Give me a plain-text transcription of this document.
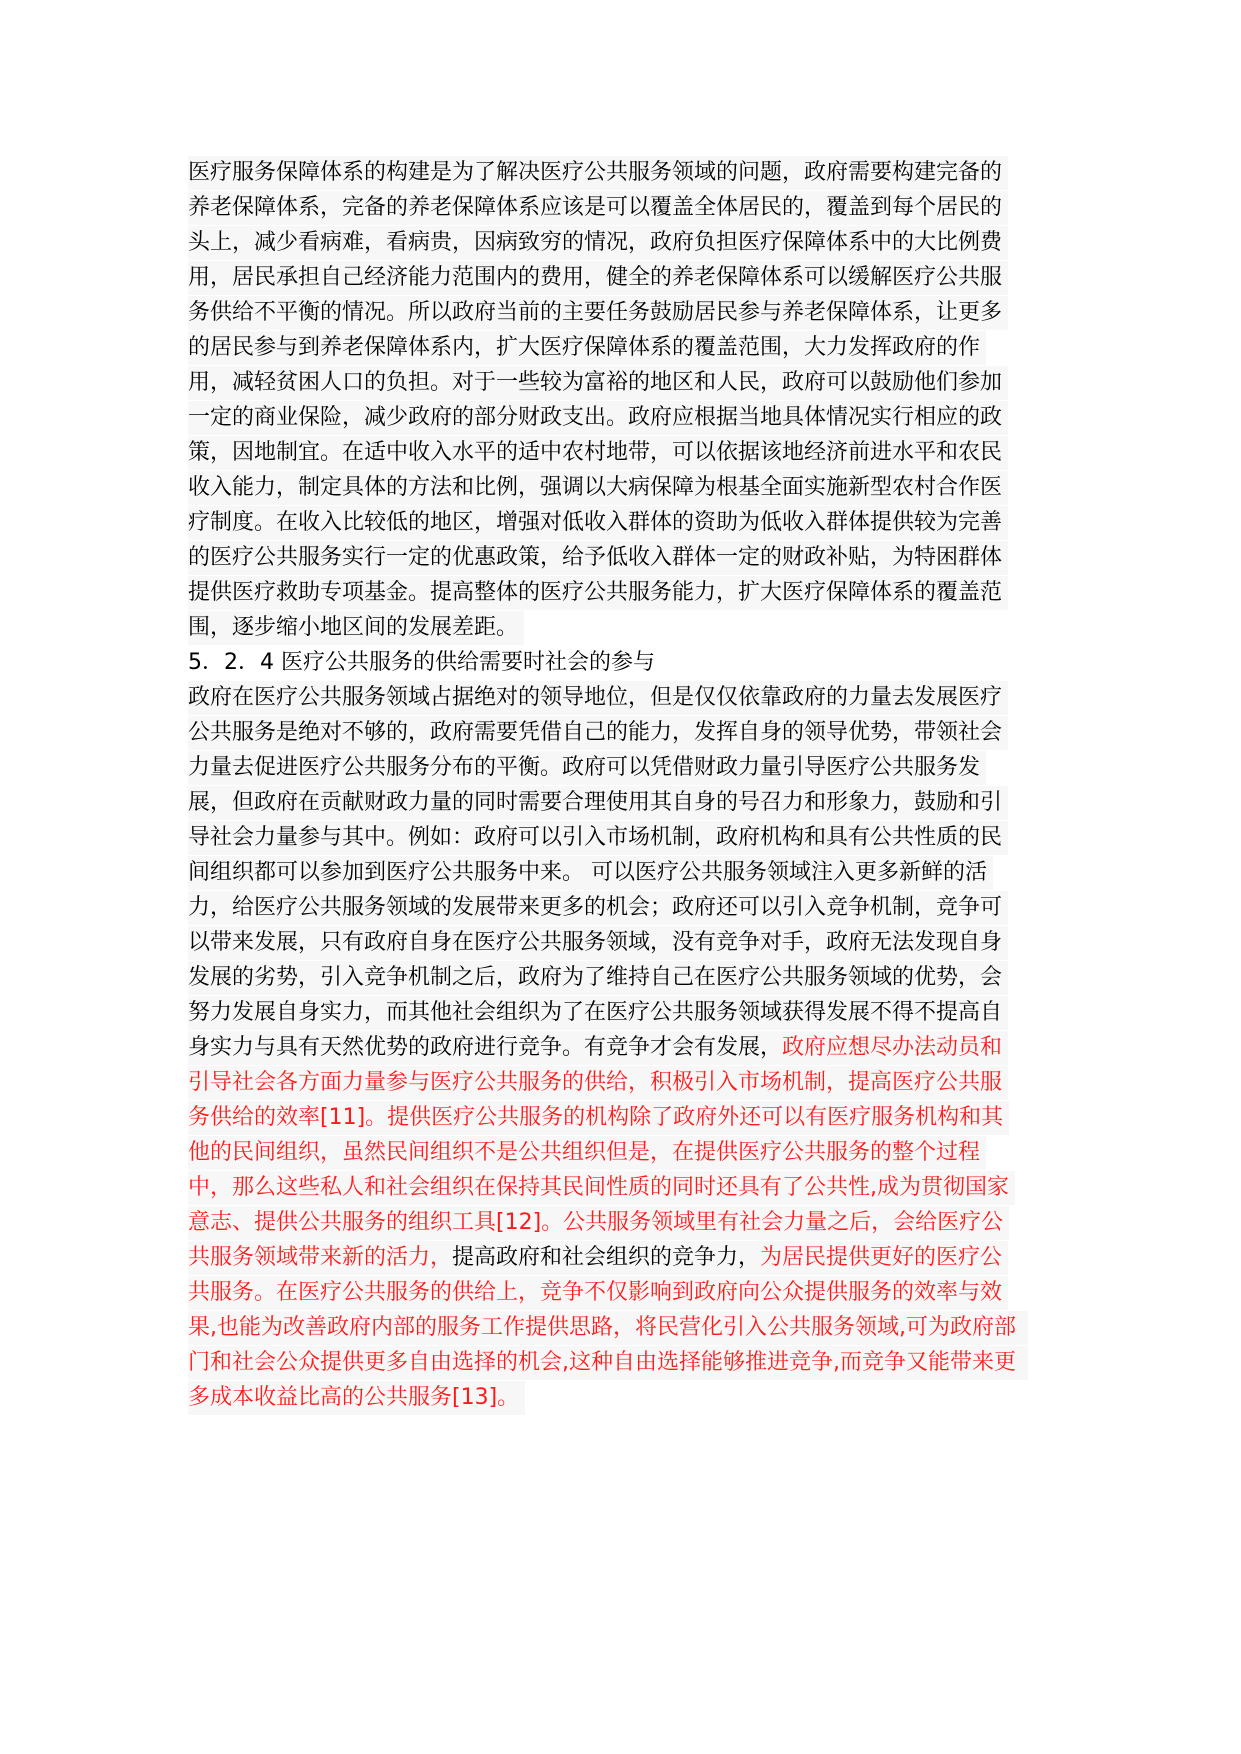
医疗服务保障体系的构建是为了解决医疗公共服务领域的问题，政府需要构建完备的
养老保障体系，完备的养老保障体系应该是可以覆盖全体居民的，覆盖到每个居民的
头上，减少看病难，看病贵，因病致穷的情况，政府负担医疗保障体系中的大比例费
用，居民承担自己经济能力范围内的费用，健全的养老保障体系可以缓解医疗公共服
务供给不平衡的情况。所以政府当前的主要任务鼓励居民参与养老保障体系，让更多
的居民参与到养老保障体系内，扩大医疗保障体系的覆盖范围，大力发挥政府的作
用，减轻贫困人口的负担。对于一些较为富裕的地区和人民，政府可以鼓励他们参加
一定的商业保险，减少政府的部分财政支出。政府应根据当地具体情况实行相应的政
策，因地制宜。在适中收入水平的适中农村地带，可以依据该地经济前进水平和农民
收入能力，制定具体的方法和比例，强调以大病保障为根基全面实施新型农村合作医
疗制度。在收入比较低的地区，增强对低收入群体的资助为低收入群体提供较为完善
的医疗公共服务实行一定的优惠政策，给予低收入群体一定的财政补贴，为特困群体
提供医疗救助专项基金。提高整体的医疗公共服务能力，扩大医疗保障体系的覆盖范
围，逐步缩小地区间的发展差距。
5．2．4 医疗公共服务的供给需要时社会的参与
政府在医疗公共服务领域占据绝对的领导地位，但是仅仅依靠政府的力量去发展医疗
公共服务是绝对不够的，政府需要凭借自己的能力，发挥自身的领导优势，带领社会
力量去促进医疗公共服务分布的平衡。政府可以凭借财政力量引导医疗公共服务发
展，但政府在贡献财政力量的同时需要合理使用其自身的号召力和形象力，鼓励和引
导社会力量参与其中。例如：政府可以引入市场机制，政府机构和具有公共性质的民
间组织都可以参加到医疗公共服务中来。 可以医疗公共服务领域注入更多新鲜的活
力，给医疗公共服务领域的发展带来更多的机会；政府还可以引入竞争机制，竞争可
以带来发展，只有政府自身在医疗公共服务领域，没有竞争对手，政府无法发现自身
发展的劣势，引入竞争机制之后，政府为了维持自己在医疗公共服务领域的优势，会
努力发展自身实力，而其他社会组织为了在医疗公共服务领域获得发展不得不提高自
身实力与具有天然优势的政府进行竞争。有竞争才会有发展，政府应想尽办法动员和
引导社会各方面力量参与医疗公共服务的供给，积极引入市场机制，提高医疗公共服
务供给的效率[11]。提供医疗公共服务的机构除了政府外还可以有医疗服务机构和其
他的民间组织，虽然民间组织不是公共组织但是，在提供医疗公共服务的整个过程
中，那么这些私人和社会组织在保持其民间性质的同时还具有了公共性,成为贯彻国家
意志、提供公共服务的组织工具[12]。公共服务领域里有社会力量之后，会给医疗公
共服务领域带来新的活力，提高政府和社会组织的竞争力，为居民提供更好的医疗公
共服务。在医疗公共服务的供给上，竞争不仅影响到政府向公众提供服务的效率与效
果,也能为改善政府内部的服务工作提供思路，将民营化引入公共服务领域,可为政府部
门和社会公众提供更多自由选择的机会,这种自由选择能够推进竞争,而竞争又能带来更
多成本收益比高的公共服务[13]。
